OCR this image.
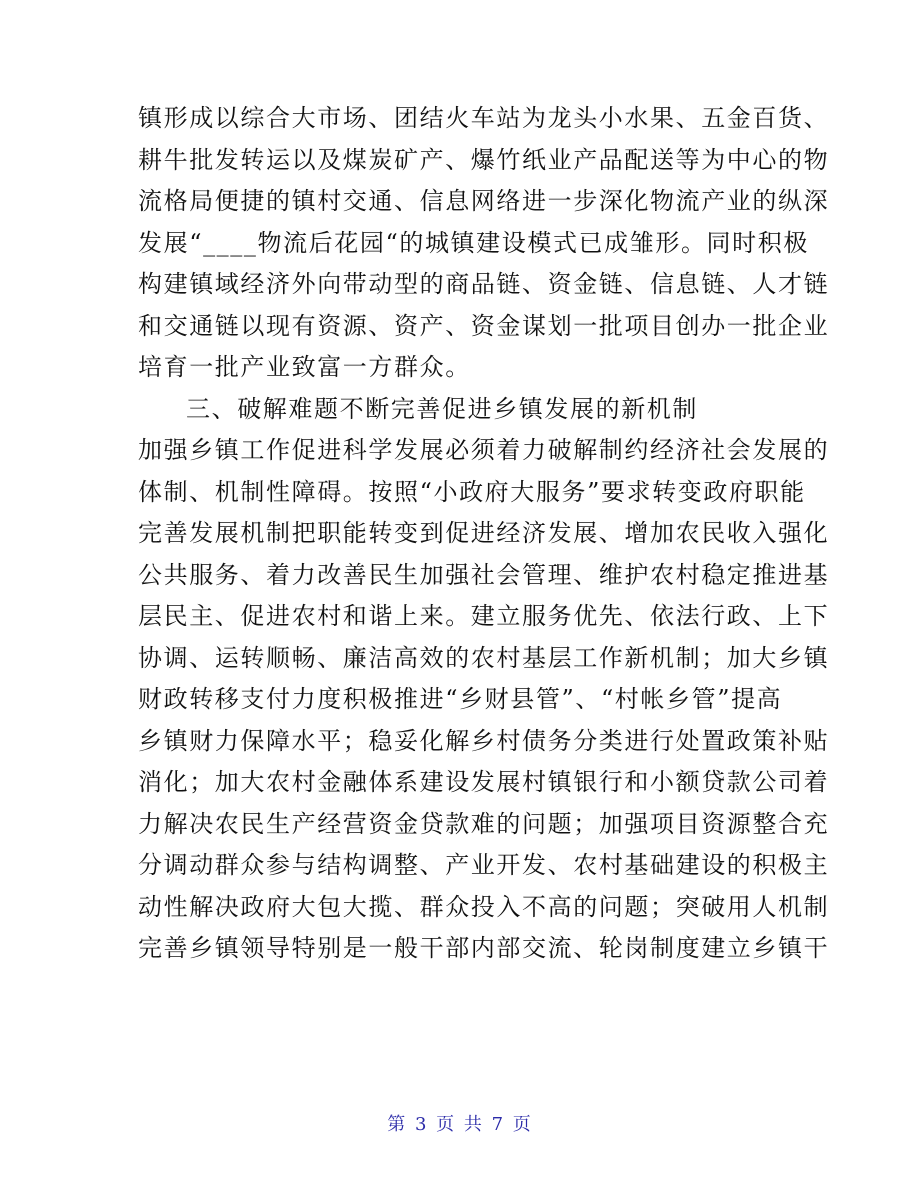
镇形成以综合大市场、团结火车站为龙头小水果、五金百货、
耕牛批发转运以及煤炭矿产、爆竹纸业产品配送等为中心的物
流格局便捷的镇村交通、信息网络进一步深化物流产业的纵深
发展“____物流后花园“的城镇建设模式已成雏形。同时积极
构建镇域经济外向带动型的商品链、资金链、信息链、人才链
和交通链以现有资源、资产、资金谋划一批项目创办一批企业
培育一批产业致富一方群众。
三、破解难题不断完善促进乡镇发展的新机制
加强乡镇工作促进科学发展必须着力破解制约经济社会发展的
体制、机制性障碍。按照“小政府大服务”要求转变政府职能
完善发展机制把职能转变到促进经济发展、增加农民收入强化
公共服务、着力改善民生加强社会管理、维护农村稳定推进基
层民主、促进农村和谐上来。建立服务优先、依法行政、上下
协调、运转顺畅、廉洁高效的农村基层工作新机制；加大乡镇
财政转移支付力度积极推进“乡财县管”、“村帐乡管”提高
乡镇财力保障水平；稳妥化解乡村债务分类进行处置政策补贴
消化；加大农村金融体系建设发展村镇银行和小额贷款公司着
力解决农民生产经营资金贷款难的问题；加强项目资源整合充
分调动群众参与结构调整、产业开发、农村基础建设的积极主
动性解决政府大包大揽、群众投入不高的问题；突破用人机制
完善乡镇领导特别是一般干部内部交流、轮岗制度建立乡镇干
第 3 页 共 7 页
